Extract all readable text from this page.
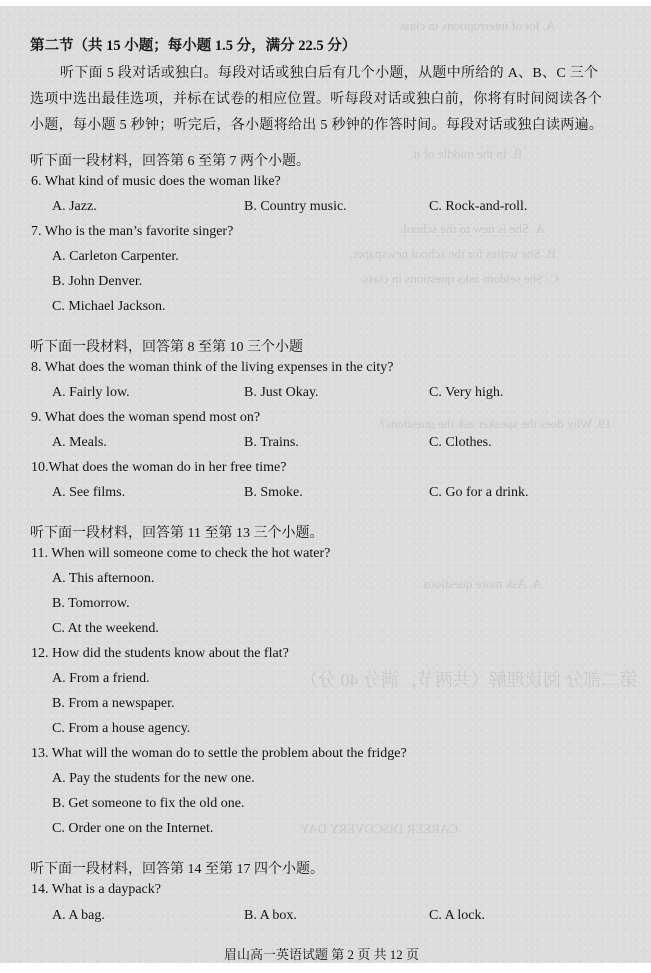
A. lot of interruptions in class
B. In the middle of it.
A. She is new to the school.
B. She writes for the school newspaper.
C. She seldom asks questions in class.
19. Why does the speaker ask the questions?
A. Ask more questions.
第二部分 阅读理解（共两节，满分 40 分）
CAREER DISCOVERY DAY
第二节（共 15 小题；每小题 1.5 分，满分 22.5 分）
听下面 5 段对话或独白。每段对话或独白后有几个小题，从题中所给的 A、B、C 三个
选项中选出最佳选项，并标在试卷的相应位置。听每段对话或独白前，你将有时间阅读各个
小题，每小题 5 秒钟；听完后，各小题将给出 5 秒钟的作答时间。每段对话或独白读两遍。
听下面一段材料，回答第 6 至第 7 两个小题。
6. What kind of music does the woman like?
A. Jazz.	B. Country music.	C. Rock-and-roll.
7. Who is the man’s favorite singer?
A. Carleton Carpenter.
B. John Denver.
C. Michael Jackson.
听下面一段材料，回答第 8 至第 10 三个小题
8. What does the woman think of the living expenses in the city?
A. Fairly low.	B. Just Okay.	C. Very high.
9. What does the woman spend most on?
A. Meals.	B. Trains.	C. Clothes.
10.What does the woman do in her free time?
A. See films.	B. Smoke.	C. Go for a drink.
听下面一段材料，回答第 11 至第 13 三个小题。
11. When will someone come to check the hot water?
A. This afternoon.
B. Tomorrow.
C. At the weekend.
12. How did the students know about the flat?
A. From a friend.
B. From a newspaper.
C. From a house agency.
13. What will the woman do to settle the problem about the fridge?
A. Pay the students for the new one.
B. Get someone to fix the old one.
C. Order one on the Internet.
听下面一段材料，回答第 14 至第 17 四个小题。
14. What is a daypack?
A. A bag.	B. A box.	C. A lock.
眉山高一英语试题 第 2 页 共 12 页
